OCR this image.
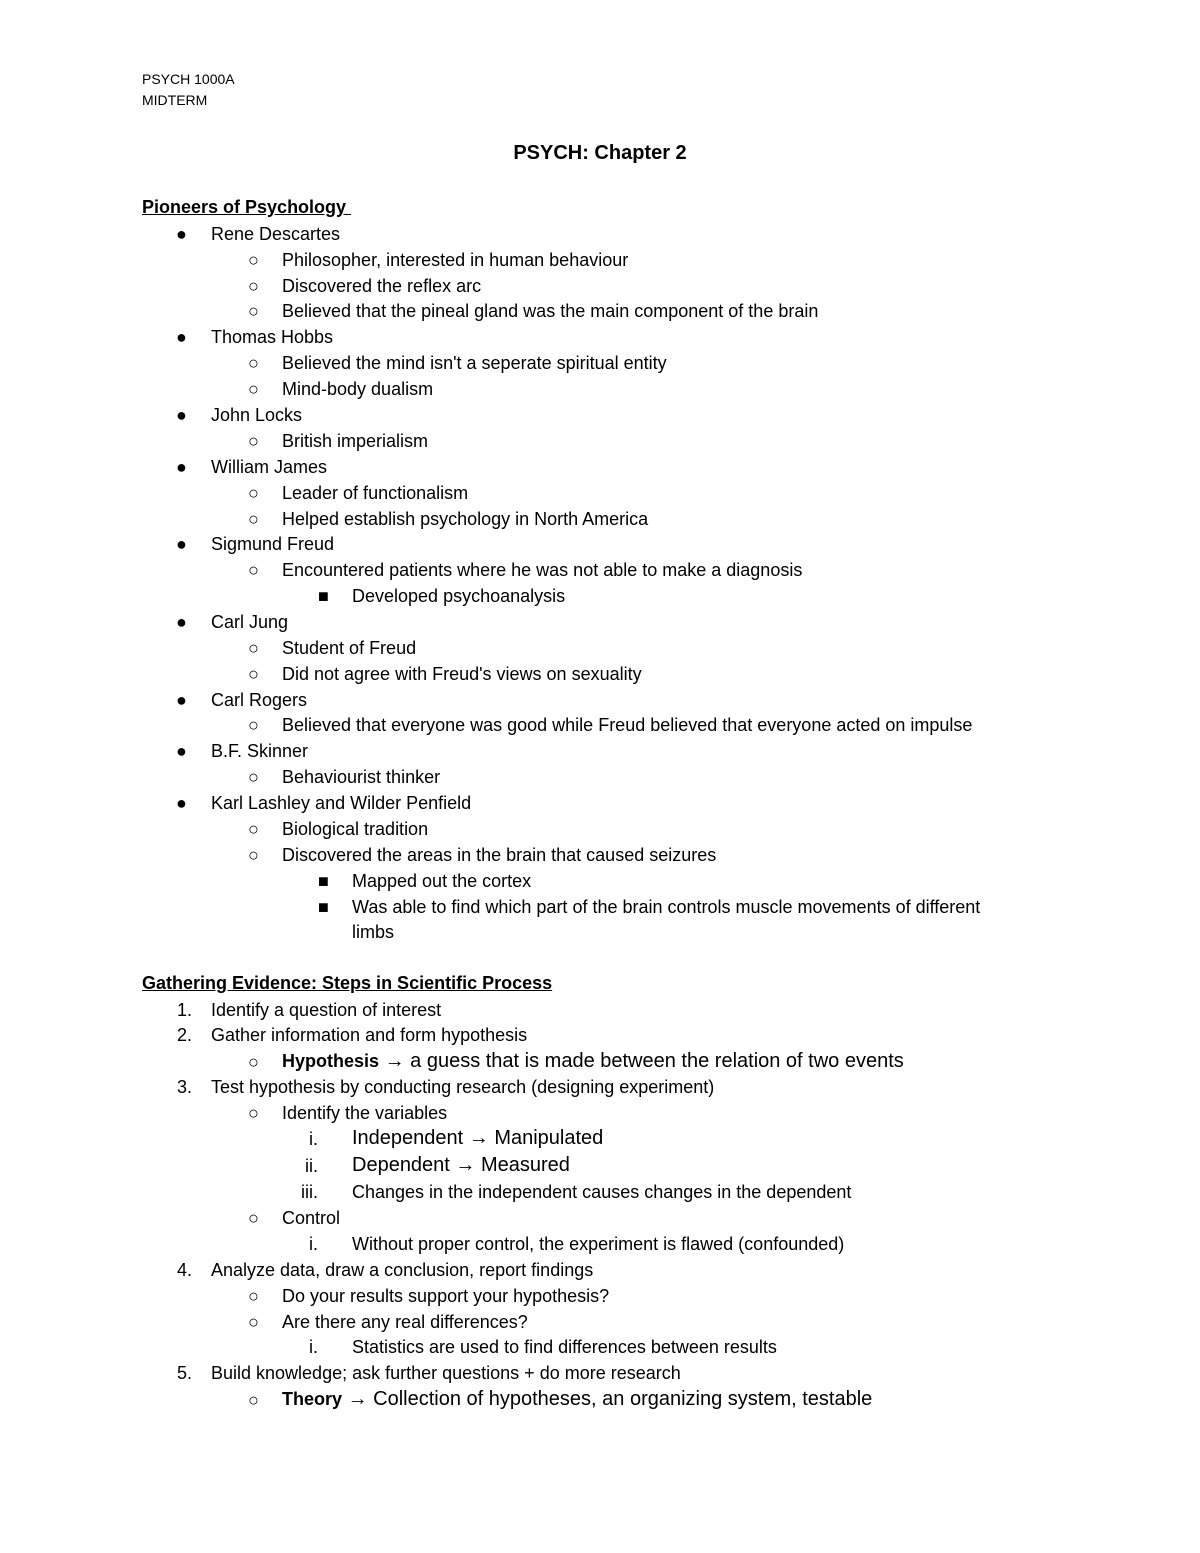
PSYCH 1000A
MIDTERM
PSYCH: Chapter 2
Pioneers of Psychology
● Rene Descartes
○ Philosopher, interested in human behaviour
○ Discovered the reflex arc
○ Believed that the pineal gland was the main component of the brain
● Thomas Hobbs
○ Believed the mind isn't a seperate spiritual entity
○ Mind-body dualism
● John Locks
○ British imperialism
● William James
○ Leader of functionalism
○ Helped establish psychology in North America
● Sigmund Freud
○ Encountered patients where he was not able to make a diagnosis
■ Developed psychoanalysis
● Carl Jung
○ Student of Freud
○ Did not agree with Freud's views on sexuality
● Carl Rogers
○ Believed that everyone was good while Freud believed that everyone acted on impulse
● B.F. Skinner
○ Behaviourist thinker
● Karl Lashley and Wilder Penfield
○ Biological tradition
○ Discovered the areas in the brain that caused seizures
■ Mapped out the cortex
■ Was able to find which part of the brain controls muscle movements of different
limbs
Gathering Evidence: Steps in Scientific Process
1. Identify a question of interest
2. Gather information and form hypothesis
○ Hypothesis → a guess that is made between the relation of two events
3. Test hypothesis by conducting research (designing experiment)
○ Identify the variables
i. Independent → Manipulated
ii. Dependent → Measured
iii. Changes in the independent causes changes in the dependent
○ Control
i. Without proper control, the experiment is flawed (confounded)
4. Analyze data, draw a conclusion, report findings
○ Do your results support your hypothesis?
○ Are there any real differences?
i. Statistics are used to find differences between results
5. Build knowledge; ask further questions + do more research
○ Theory → Collection of hypotheses, an organizing system, testable
